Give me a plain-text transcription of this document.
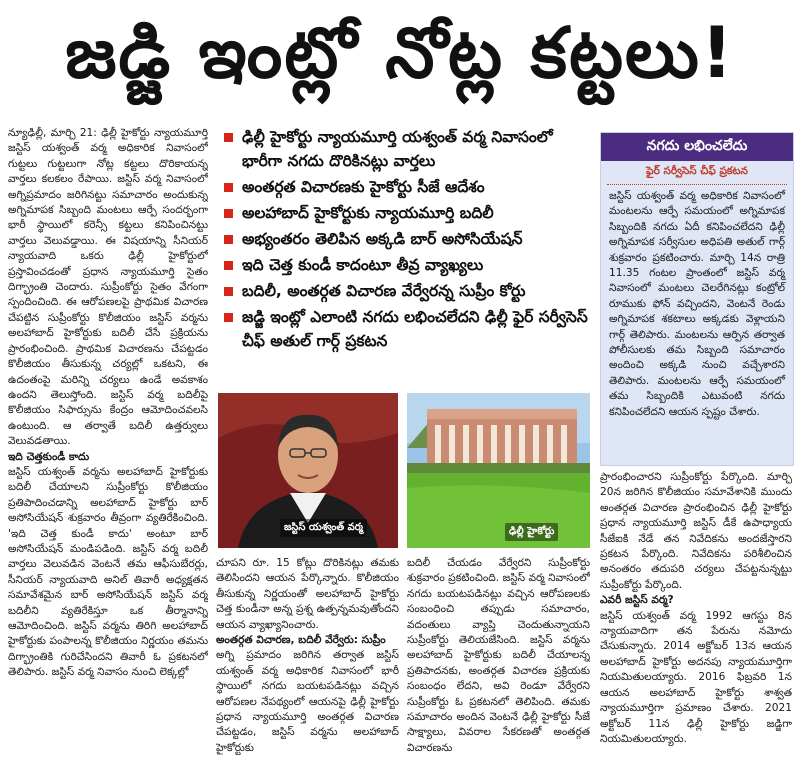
జడ్జి ఇంట్లో నోట్ల కట్టలు!

న్యూఢిల్లీ, మార్చి 21: ఢిల్లీ హైకోర్టు న్యాయమూర్తి జస్టిస్ యశ్వంత్ వర్మ అధికారిక నివాసంలో గుట్టలు గుట్టలుగా నోట్ల కట్టలు దొరికాయన్న వార్తలు కలకలం రేపాయి. జస్టిస్ వర్మ నివాసంలో అగ్నిప్రమాదం జరిగినట్టు సమాచారం అందుకున్న అగ్నిమాపక సిబ్బంది మంటలు ఆర్పే సందర్భంగా భారీ స్థాయిలో కరెన్సీ కట్టలు కనిపించినట్టు వార్తలు వెలువడ్డాయి. ఈ విషయాన్ని సీనియర్ న్యాయవాది ఒకరు ఢిల్లీ హైకోర్టులో ప్రస్తావించడంతో ప్రధాన న్యాయమూర్తి సైతం దిగ్భ్రాంతి చెందారు. సుప్రీంకోర్టు సైతం వేగంగా స్పందించింది. ఈ ఆరోపణలపై ప్రాథమిక విచారణ చేపట్టిన సుప్రీంకోర్టు కొలీజియం జస్టిస్ వర్మను అలహాబాద్ హైకోర్టుకు బదిలీ చేసే ప్రక్రియను ప్రారంభించింది. ప్రాథమిక విచారణను చేపట్టడం కొలీజియం తీసుకున్న చర్యల్లో ఒకటని, ఈ ఉదంతంపై మరిన్ని చర్యలు ఉండే అవకాశం ఉందని తెలుస్తోంది. జస్టిస్ వర్మ బదిలీపై కొలీజియం సిఫార్సును కేంద్రం ఆమోదించవలసి ఉంటుంది. ఆ తర్వాతే బదిలీ ఉత్తర్వులు వెలువడతాయి.

ఇది చెత్తకుండీ కాదు

జస్టిస్ యశ్వంత్ వర్మను అలహాబాద్ హైకోర్టుకు బదిలీ చేయాలని సుప్రీంకోర్టు కొలీజియం ప్రతిపాదించడాన్ని అలహాబాద్ హైకోర్టు బార్ అసోసియేషన్ శుక్రవారం తీవ్రంగా వ్యతిరేకించింది. 'ఇది చెత్త కుండీ కాదు' అంటూ బార్ అసోసియేషన్ మండిపడింది. జస్టిస్ వర్మ బదిలీ వార్తలు వెలువడిన వెంటనే తమ ఆఫీసుబేరర్లు, సీనియర్ న్యాయవాది అనిల్ తివారీ అధ్యక్షతన సమావేశమైన బార్ అసోసియేషన్ జస్టిస్ వర్మ బదిలీని వ్యతిరేకిస్తూ ఒక తీర్మానాన్ని ఆమోదించింది. జస్టిస్ వర్మను తిరిగి అలహాబాద్ హైకోర్టుకు పంపాలన్న కొలీజియం నిర్ణయం తమను దిగ్భ్రాంతికి గురిచేసిందని తివారీ ఓ ప్రకటనలో తెలిపారు. జస్టిస్ వర్మ నివాసం నుంచి లెక్కల్లో

ఢిల్లీ హైకోర్టు న్యాయమూర్తి యశ్వంత్ వర్మ నివాసంలో భారీగా నగదు దొరికినట్లు వార్తలు
అంతర్గత విచారణకు హైకోర్టు సీజే ఆదేశం
అలహాబాద్ హైకోర్టుకు న్యాయమూర్తి బదిలీ
అభ్యంతరం తెలిపిన అక్కడి బార్ అసోసియేషన్
ఇది చెత్త కుండీ కాదంటూ తీవ్ర వ్యాఖ్యలు
బదిలీ, అంతర్గత విచారణ వేర్వేరన్న సుప్రీం కోర్టు
జడ్జి ఇంట్లో ఎలాంటి నగదు లభించలేదని ఢిల్లీ ఫైర్ సర్వీసెస్ చీఫ్ అతుల్ గార్గ్ ప్రకటన
నగదు లభించలేదు
ఫైర్ సర్వీసెస్ చీఫ్ ప్రకటన
జస్టిస్ యశ్వంత్ వర్మ అధికారిక నివాసంలో మంటలను ఆర్పే సమయంలో అగ్నిమాపక సిబ్బందికి నగదు ఏదీ కనిపించలేదని ఢిల్లీ అగ్నిమాపక సర్వీసుల అధిపతి అతుల్ గార్గ్ శుక్రవారం ప్రకటించారు. మార్చి 14న రాత్రి 11.35 గంటల ప్రాంతంలో జస్టిస్ వర్మ నివాసంలో మంటలు చెలరేగినట్లు కంట్రోల్ రూముకు ఫోన్ వచ్చిందని, వెంటనే రెండు అగ్నిమాపక శకటాలు అక్కడకు వెళ్లాయని గార్గ్ తెలిపారు. మంటలను ఆర్పిన తర్వాత పోలీసులకు తమ సిబ్బంది సమాచారం అందించి అక్కడి నుంచి వచ్చేశారని తెలిపారు. మంటలను ఆర్పే సమయంలో తమ సిబ్బందికి ఎటువంటి నగదు కనిపించలేదని ఆయన స్పష్టం చేశారు.
జస్టిస్ యశ్వంత్ వర్మ	ఢిల్లీ హైకోర్టు

చూపని రూ. 15 కోట్లు దొరికినట్లు తమకు తెలిసిందని ఆయన పేర్కొన్నారు. కొలీజియం తీసుకున్న నిర్ణయంతో అలహాబాద్ హైకోర్టు చెత్త కుండీనా అన్న ప్రశ్న ఉత్పన్నమవుతోందని ఆయన వ్యాఖ్యానించారు.

అంతర్గత విచారణ, బదిలీ వేర్వేరు: సుప్రీం

అగ్ని ప్రమాదం జరిగిన తర్వాత జస్టిస్ యశ్వంత్ వర్మ అధికారిక నివాసంలో భారీ స్థాయిలో నగదు బయటపడినట్లు వచ్చిన ఆరోపణల నేపథ్యంలో ఆయనపై ఢిల్లీ హైకోర్టు ప్రధాన న్యాయమూర్తి అంతర్గత విచారణ చేపట్టడం, జస్టిస్ వర్మను అలహాబాద్ హైకోర్టుకు

బదిలీ చేయడం వేర్వేరని సుప్రీంకోర్టు శుక్రవారం ప్రకటించింది. జస్టిస్ వర్మ నివాసంలో నగదు బయటపడినట్లు వచ్చిన ఆరోపణలకు సంబంధించి తప్పుడు సమాచారం, వదంతులు వ్యాప్తి చెందుతున్నాయని సుప్రీంకోర్టు తెలియజేసింది. జస్టిస్ వర్మను అలహాబాద్ హైకోర్టుకు బదిలీ చేయాలన్న ప్రతిపాదనకు, అంతర్గత విచారణ ప్రక్రియకు సంబంధం లేదని, అవి రెండూ వేర్వేరని సుప్రీంకోర్టు ఓ ప్రకటనలో తెలిపింది. తమకు సమాచారం అందిన వెంటనే ఢిల్లీ హైకోర్టు సీజే సాక్ష్యాలు, వివరాల సేకరణతో అంతర్గత విచారణను

ప్రారంభించారని సుప్రీంకోర్టు పేర్కొంది. మార్చి 20న జరిగిన కొలీజియం సమావేశానికి ముందు అంతర్గత విచారణ ప్రారంభించిన ఢిల్లీ హైకోర్టు ప్రధాన న్యాయమూర్తి జస్టిస్ డీకే ఉపాధ్యాయ సీజేఐకి నేడే తన నివేదికను అందజేస్తారని ప్రకటన పేర్కొంది. నివేదికను పరిశీలించిన అనంతరం తదుపరి చర్యలు చేపట్టనున్నట్టు సుప్రీంకోర్టు పేర్కొంది.

ఎవరీ జస్టిస్ వర్మ?

జస్టిస్ యశ్వంత్ వర్మ 1992 ఆగస్టు 8న న్యాయవాదిగా తన పేరును నమోదు చేసుకున్నారు. 2014 అక్టోబర్ 13న ఆయన అలహాబాద్ హైకోర్టు అదనపు న్యాయమూర్తిగా నియమితులయ్యారు. 2016 ఫిబ్రవరి 1న ఆయన అలహాబాద్ హైకోర్టు శాశ్వత న్యాయమూర్తిగా ప్రమాణం చేశారు. 2021 అక్టోబర్ 11న ఢిల్లీ హైకోర్టు జడ్జిగా నియమితులయ్యారు.
